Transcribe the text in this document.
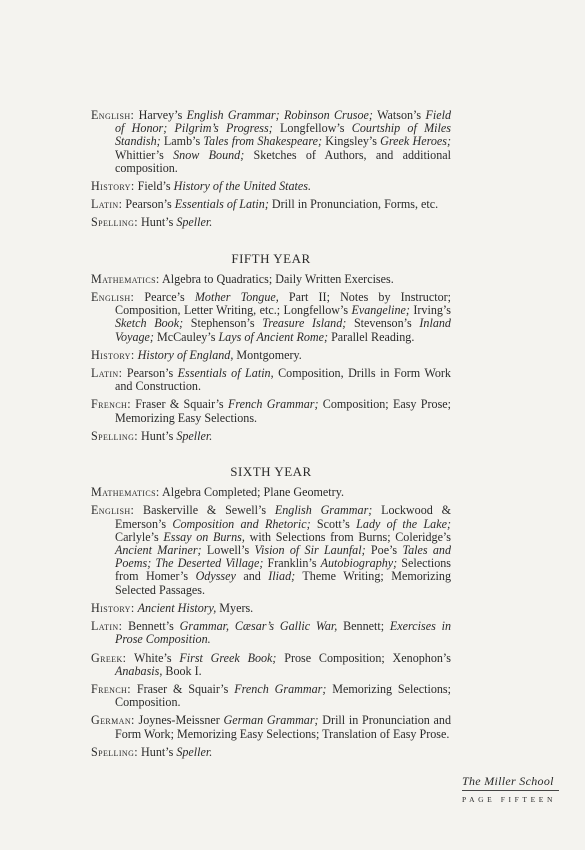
English: Harvey’s English Grammar; Robinson Crusoe; Watson’s Field of Honor; Pilgrim’s Progress; Longfellow’s Courtship of Miles Standish; Lamb’s Tales from Shakespeare; Kingsley’s Greek Heroes; Whittier’s Snow Bound; Sketches of Authors, and additional composition.
History: Field’s History of the United States.
Latin: Pearson’s Essentials of Latin; Drill in Pronunciation, Forms, etc.
Spelling: Hunt’s Speller.
FIFTH YEAR
Mathematics: Algebra to Quadratics; Daily Written Exercises.
English: Pearce’s Mother Tongue, Part II; Notes by Instructor; Composition, Letter Writing, etc.; Longfellow’s Evangeline; Irving’s Sketch Book; Stephenson’s Treasure Island; Stevenson’s Inland Voyage; McCauley’s Lays of Ancient Rome; Parallel Reading.
History: History of England, Montgomery.
Latin: Pearson’s Essentials of Latin, Composition, Drills in Form Work and Construction.
French: Fraser & Squair’s French Grammar; Composition; Easy Prose; Memorizing Easy Selections.
Spelling: Hunt’s Speller.
SIXTH YEAR
Mathematics: Algebra Completed; Plane Geometry.
English: Baskerville & Sewell’s English Grammar; Lockwood & Emerson’s Composition and Rhetoric; Scott’s Lady of the Lake; Carlyle’s Essay on Burns, with Selections from Burns; Coleridge’s Ancient Mariner; Lowell’s Vision of Sir Launfal; Poe’s Tales and Poems; The Deserted Village; Franklin’s Autobiography; Selections from Homer’s Odyssey and Iliad; Theme Writing; Memorizing Selected Passages.
History: Ancient History, Myers.
Latin: Bennett’s Grammar, Cæsar’s Gallic War, Bennett; Exercises in Prose Composition.
Greek: White’s First Greek Book; Prose Composition; Xenophon’s Anabasis, Book I.
French: Fraser & Squair’s French Grammar; Memorizing Selections; Composition.
German: Joynes-Meissner German Grammar; Drill in Pronunciation and Form Work; Memorizing Easy Selections; Translation of Easy Prose.
Spelling: Hunt’s Speller.
The Miller School
PAGE FIFTEEN
